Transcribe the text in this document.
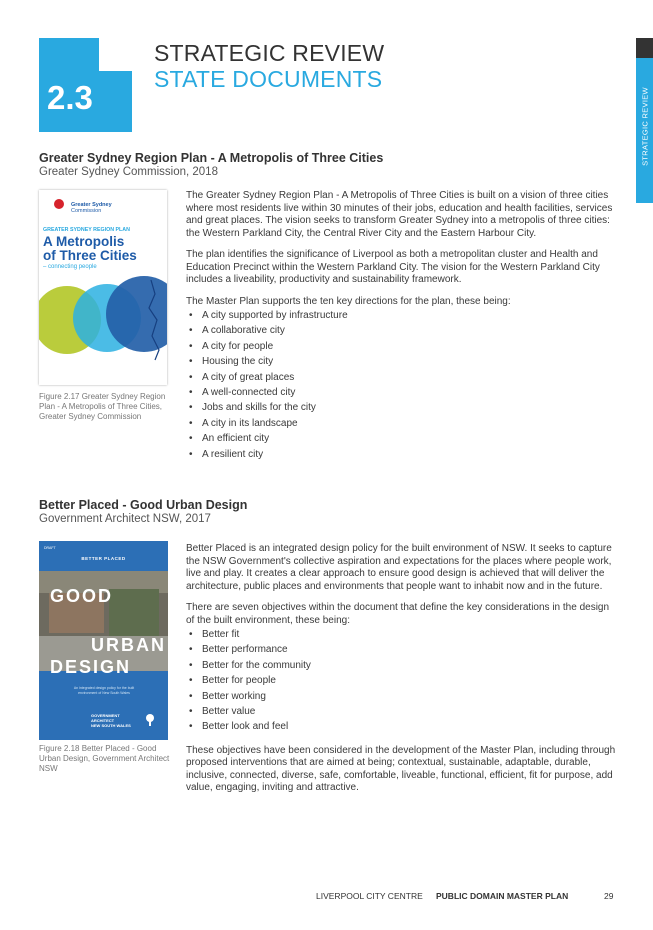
2.3
STRATEGIC REVIEW
STATE DOCUMENTS
STRATEGIC REVIEW
Greater Sydney Region Plan - A Metropolis of Three Cities
Greater Sydney Commission, 2018
Greater Sydney
Commission
GREATER SYDNEY REGION PLAN
A Metropolis
of Three Cities
– connecting people
March 2018
Updated
Figure 2.17 Greater Sydney Region Plan - A Metropolis of Three Cities, Greater Sydney Commission

The Greater Sydney Region Plan - A Metropolis of Three Cities is built on a vision of three cities where most residents live within 30 minutes of their jobs, education and health facilities, services and great places. The vision seeks to transform Greater Sydney into a metropolis of three cities: the Western Parkland City, the Central River City and the Eastern Harbour City.

The plan identifies the significance of Liverpool as both a metropolitan cluster and Health and Education Precinct within the Western Parkland City. The vision for the Western Parkland City includes a liveability, productivity and sustainability framework.

The Master Plan supports the ten key directions for the plan, these being:

• A city supported by infrastructure
• A collaborative city
• A city for people
• Housing the city
• A city of great places
• A well-connected city
• Jobs and skills for the city
• A city in its landscape
• An efficient city
• A resilient city
Better Placed - Good Urban Design
Government Architect NSW, 2017
DRAFT
BETTER PLACED
GOOD
URBAN
DESIGN
An integrated design policy for the built environment of New South Wales
GOVERNMENT
ARCHITECT
NEW SOUTH WALES
Figure 2.18 Better Placed - Good Urban Design, Government Architect NSW

Better Placed is an integrated design policy for the built environment of NSW. It seeks to capture the NSW Government's collective aspiration and expectations for the places where people work, live and play. It creates a clear approach to ensure good design is achieved that will deliver the architecture, public places and environments that people want to inhabit now and in the future.

There are seven objectives within the document that define the key considerations in the design of the built environment, these being:

• Better fit
• Better performance
• Better for the community
• Better for people
• Better working
• Better value
• Better look and feel

These objectives have been considered in the development of the Master Plan, including through proposed interventions that are aimed at being; contextual, sustainable, adaptable, durable, inclusive, connected, diverse, safe, comfortable, liveable, functional, efficient, fit for purpose, add value, engaging, inviting and attractive.

LIVERPOOL CITY CENTRE PUBLIC DOMAIN MASTER PLAN	29
